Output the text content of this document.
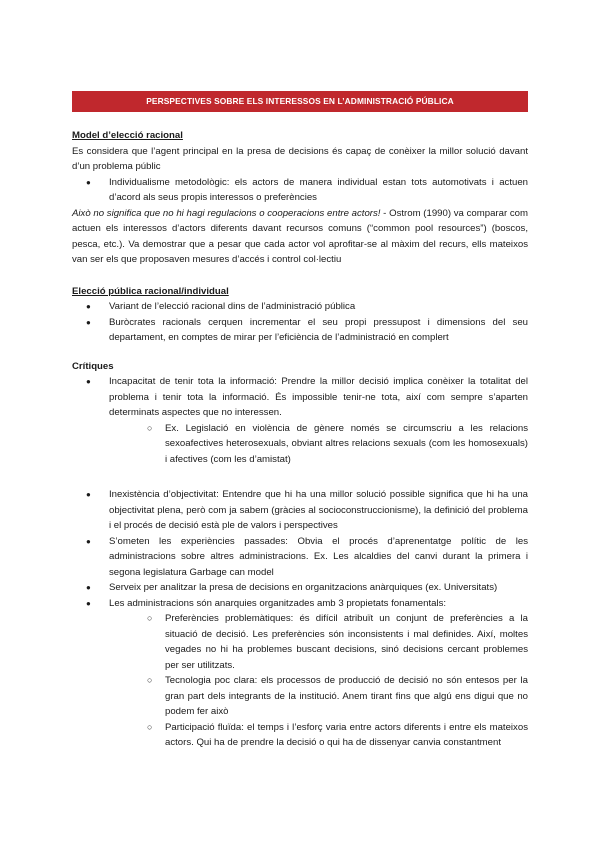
PERSPECTIVES SOBRE ELS INTERESSOS EN L’ADMINISTRACIÓ PÚBLICA

Model d’elecció racional

Es considera que l’agent principal en la presa de decisions és capaç de conèixer la millor solució davant d’un problema públic

● Individualisme metodològic: els actors de manera individual estan tots automotivats i actuen d’acord als seus propis interessos o preferències

Això no significa que no hi hagi regulacions o cooperacions entre actors! - Ostrom (1990) va comparar com actuen els interessos d’actors diferents davant recursos comuns (“common pool resources”) (boscos, pesca, etc.). Va demostrar que a pesar que cada actor vol aprofitar-se al màxim del recurs, ells mateixos van ser els que proposaven mesures d’accés i control col·lectiu

Elecció pública racional/individual

● Variant de l’elecció racional dins de l’administració pública
● Buròcrates racionals cerquen incrementar el seu propi pressupost i dimensions del seu departament, en comptes de mirar per l’eficiència de l’administració en complert

Crítiques

● Incapacitat de tenir tota la informació: Prendre la millor decisió implica conèixer la totalitat del problema i tenir tota la informació. És impossible tenir-ne tota, així com sempre s’aparten determinats aspectes que no interessen.
○ Ex. Legislació en violència de gènere només se circumscriu a les relacions sexoafectives heterosexuals, obviant altres relacions sexuals (com les homosexuals) i afectives (com les d’amistat)
● Inexistència d’objectivitat: Entendre que hi ha una millor solució possible significa que hi ha una objectivitat plena, però com ja sabem (gràcies al socioconstruccionisme), la definició del problema i el procés de decisió està ple de valors i perspectives
● S’ometen les experiències passades: Obvia el procés d’aprenentatge polític de les administracions sobre altres administracions. Ex. Les alcaldies del canvi durant la primera i segona legislatura Garbage can model
● Serveix per analitzar la presa de decisions en organitzacions anàrquiques (ex. Universitats)
● Les administracions són anarquies organitzades amb 3 propietats fonamentals:
○ Preferències problemàtiques: és difícil atribuït un conjunt de preferències a la situació de decisió. Les preferències són inconsistents i mal definides. Així, moltes vegades no hi ha problemes buscant decisions, sinó decisions cercant problemes per ser utilitzats.
○ Tecnologia poc clara: els processos de producció de decisió no són entesos per la gran part dels integrants de la institució. Anem tirant fins que algú ens digui que no podem fer això
○ Participació fluïda: el temps i l’esforç varia entre actors diferents i entre els mateixos actors. Qui ha de prendre la decisió o qui ha de dissenyar canvia constantment
